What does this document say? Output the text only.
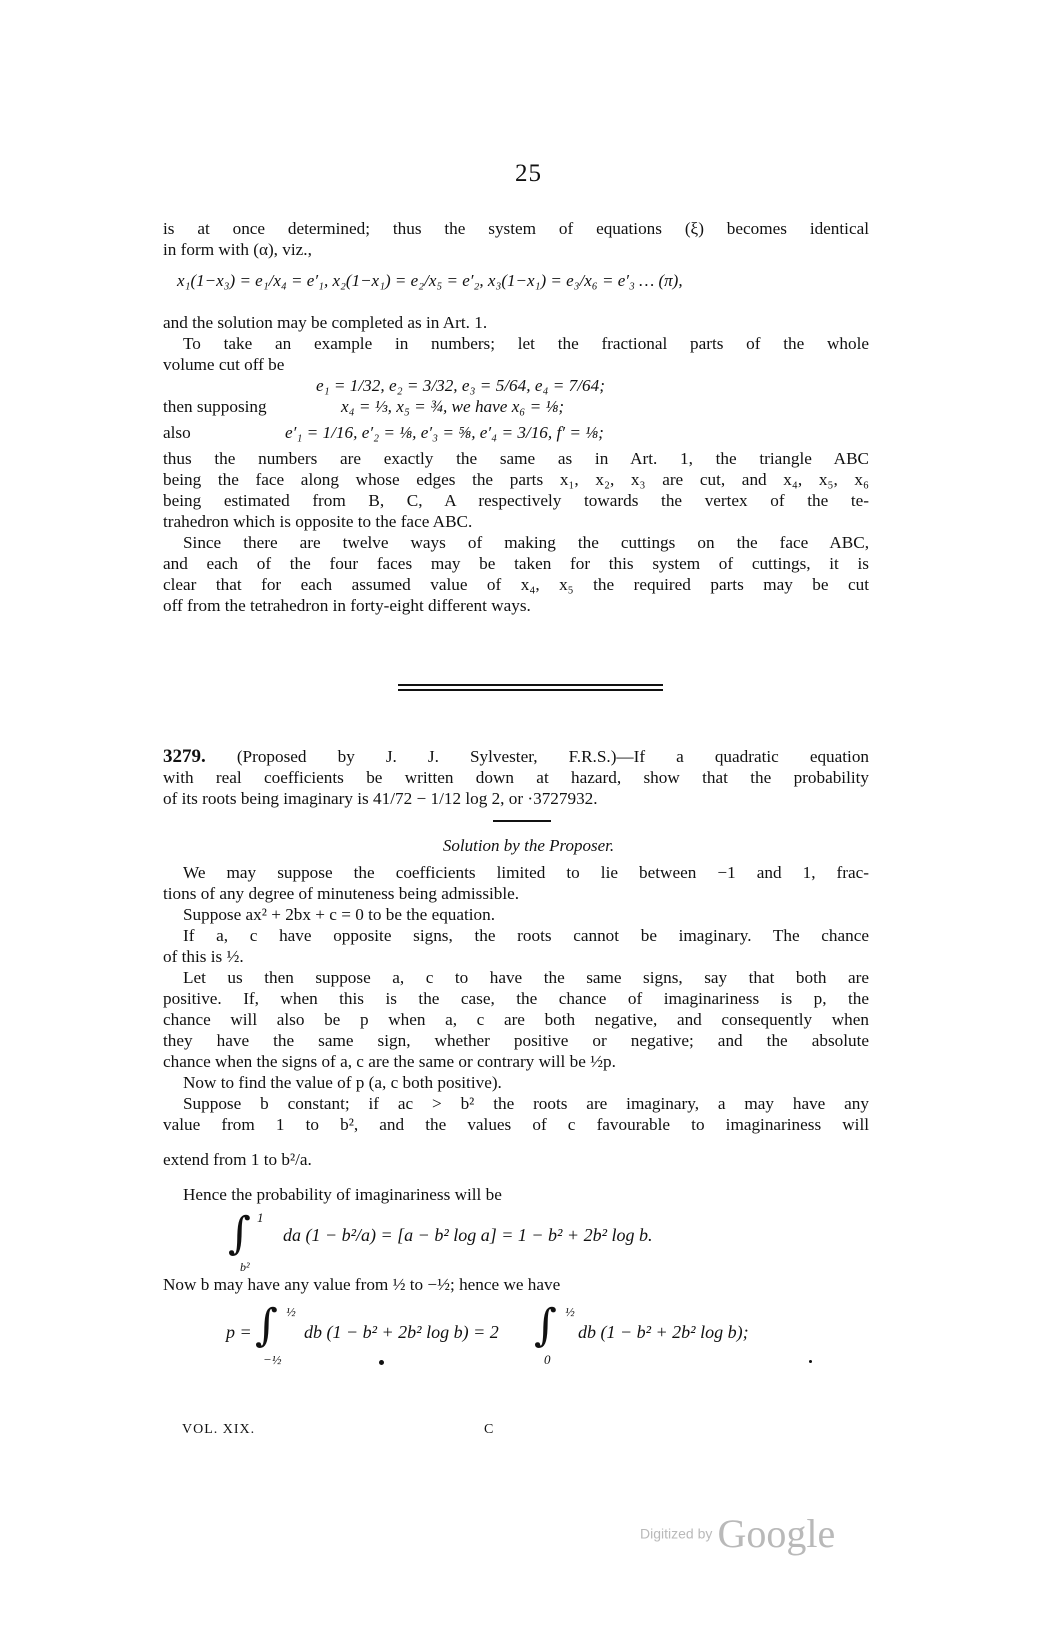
25
is at once determined; thus the system of equations (ξ) becomes identical
in form with (α), viz.,
x₁(1−x₃) = e₁/x₄ = e′₁, x₂(1−x₁) = e₂/x₅ = e′₂, x₃(1−x₁) = e₃/x₆ = e′₃ … (π),
and the solution may be completed as in Art. 1.
To take an example in numbers; let the fractional parts of the whole
volume cut off be
e₁ = 1/32, e₂ = 3/32, e₃ = 5/64, e₄ = 7/64;
then supposing	x₄ = ⅓, x₅ = ¾, we have x₆ = ⅛;
also	e′₁ = 1/16, e′₂ = ⅛, e′₃ = ⅝, e′₄ = 3/16, f′ = ⅛;
thus the numbers are exactly the same as in Art. 1, the triangle ABC
being the face along whose edges the parts x₁, x₂, x₃ are cut, and x₄, x₅, x₆
being estimated from B, C, A respectively towards the vertex of the te-
trahedron which is opposite to the face ABC.
Since there are twelve ways of making the cuttings on the face ABC,
and each of the four faces may be taken for this system of cuttings, it is
clear that for each assumed value of x₄, x₅ the required parts may be cut
off from the tetrahedron in forty-eight different ways.
3279. (Proposed by J. J. Sylvester, F.R.S.)—If a quadratic equation
with real coefficients be written down at hazard, show that the probability
of its roots being imaginary is 41/72 − 1/12 log 2, or ·3727932.
Solution by the Proposer.
We may suppose the coefficients limited to lie between −1 and 1, frac-
tions of any degree of minuteness being admissible.
Suppose ax² + 2bx + c = 0 to be the equation.
If a, c have opposite signs, the roots cannot be imaginary. The chance
of this is ½.
Let us then suppose a, c to have the same signs, say that both are
positive. If, when this is the case, the chance of imaginariness is p, the
chance will also be p when a, c are both negative, and consequently when
they have the same sign, whether positive or negative; and the absolute
chance when the signs of a, c are the same or contrary will be ½p.
Now to find the value of p (a, c both positive).
Suppose b constant; if ac > b² the roots are imaginary, a may have any
value from 1 to b², and the values of c favourable to imaginariness will
extend from 1 to b²/a.
Hence the probability of imaginariness will be
∫ 1
b²
da (1 − b²/a) = [a − b² log a] = 1 − b² + 2b² log b.
Now b may have any value from ½ to −½; hence we have
p = ∫ ½
−½
db (1 − b² + 2b² log b) = 2 ∫ ½
0
db (1 − b² + 2b² log b);
VOL. XIX.	C
Digitized by Google
